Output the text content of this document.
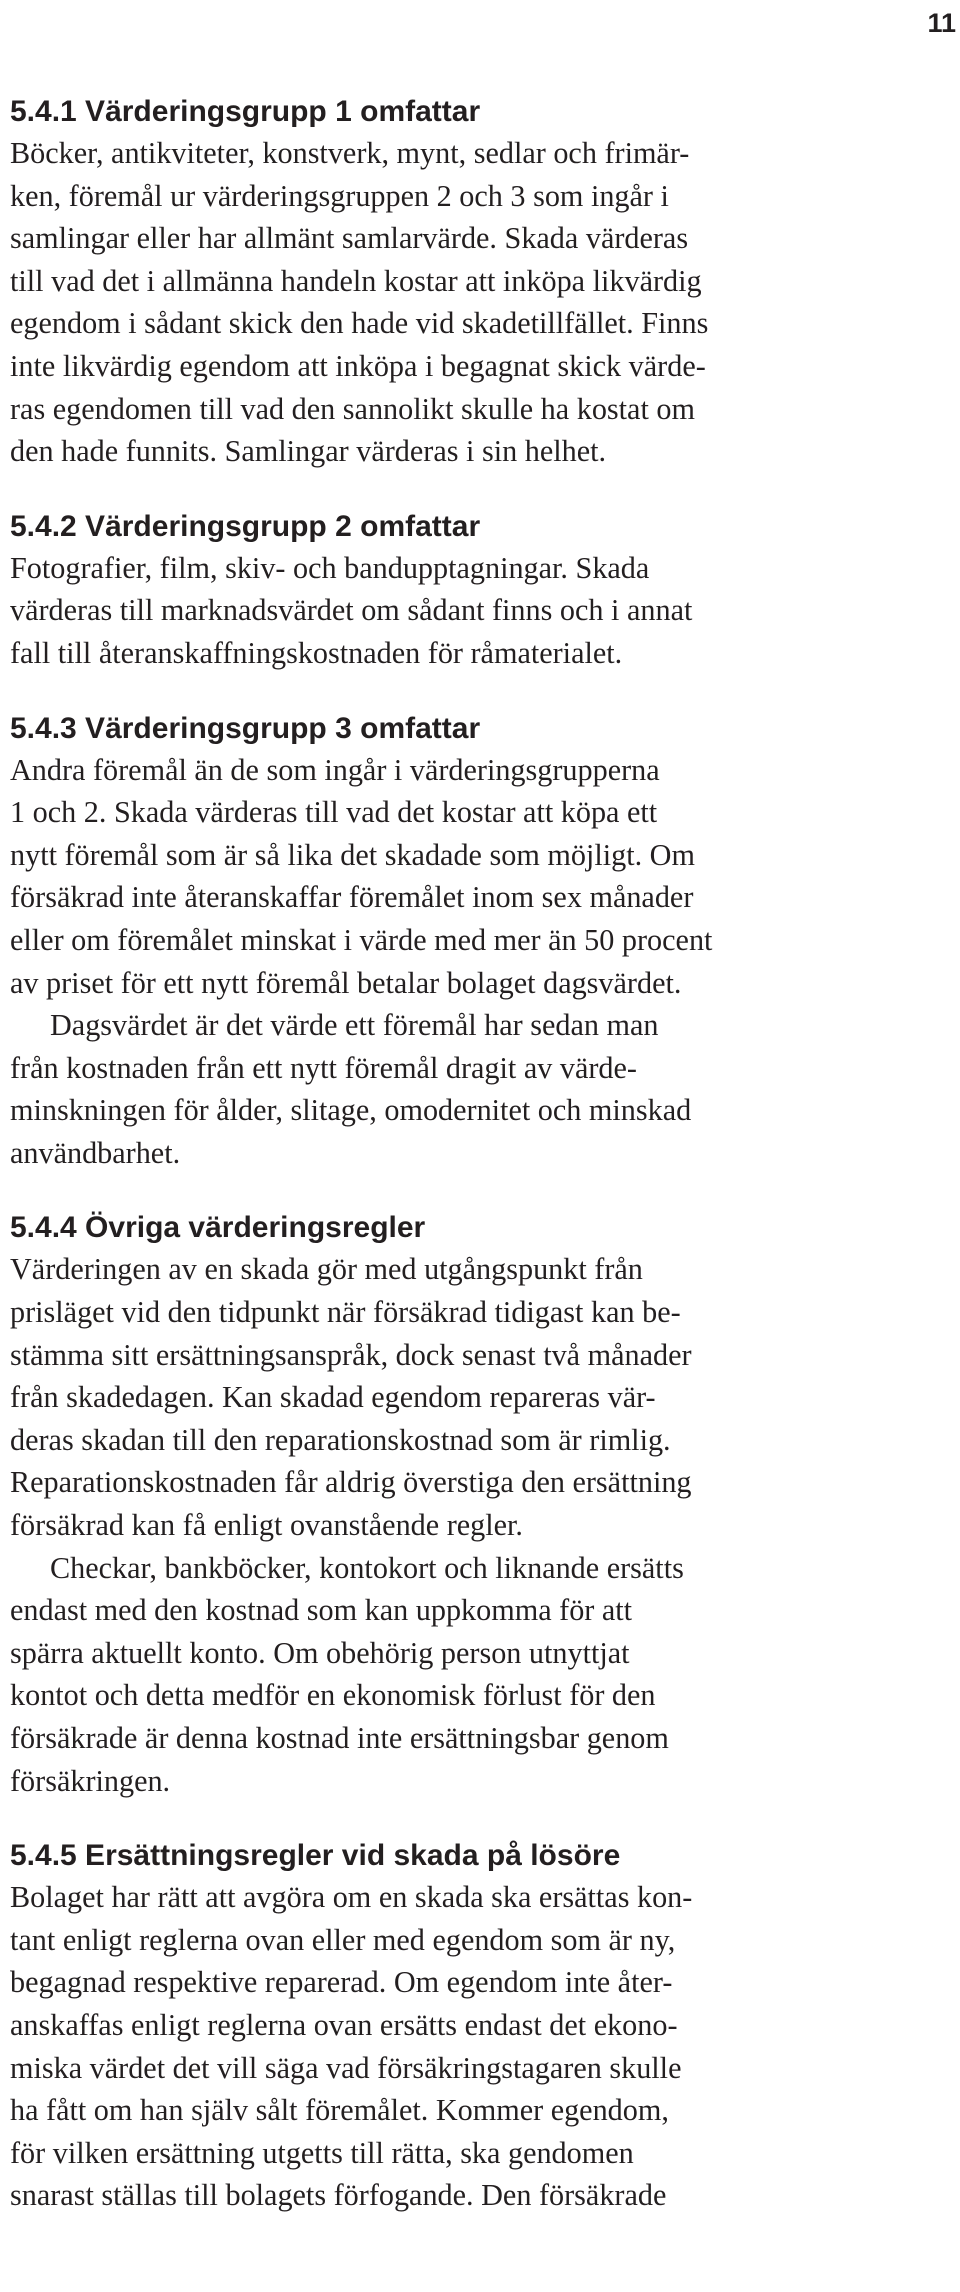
11
5.4.1 Värderingsgrupp 1 omfattar
Böcker, antikviteter, konstverk, mynt, sedlar och frimär-
ken, föremål ur värderingsgruppen 2 och 3 som ingår i
samlingar eller har allmänt samlarvärde. Skada värderas
till vad det i allmänna handeln kostar att inköpa likvärdig
egendom i sådant skick den hade vid skadetillfället. Finns
inte likvärdig egendom att inköpa i begagnat skick värde-
ras egendomen till vad den sannolikt skulle ha kostat om
den hade funnits. Samlingar värderas i sin helhet.
5.4.2 Värderingsgrupp 2 omfattar
Fotografier, film, skiv- och bandupptagningar. Skada
värderas till marknadsvärdet om sådant finns och i annat
fall till återanskaffningskostnaden för råmaterialet.
5.4.3 Värderingsgrupp 3 omfattar
Andra föremål än de som ingår i värderingsgrupperna
1 och 2. Skada värderas till vad det kostar att köpa ett
nytt föremål som är så lika det skadade som möjligt. Om
försäkrad inte återanskaffar föremålet inom sex månader
eller om föremålet minskat i värde med mer än 50 procent
av priset för ett nytt föremål betalar bolaget dagsvärdet.
Dagsvärdet är det värde ett föremål har sedan man
från kostnaden från ett nytt föremål dragit av värde-
minskningen för ålder, slitage, omodernitet och minskad
användbarhet.
5.4.4 Övriga värderingsregler
Värderingen av en skada gör med utgångspunkt från
prisläget vid den tidpunkt när försäkrad tidigast kan be-
stämma sitt ersättningsanspråk, dock senast två månader
från skadedagen. Kan skadad egendom repareras vär-
deras skadan till den reparationskostnad som är rimlig.
Reparationskostnaden får aldrig överstiga den ersättning
försäkrad kan få enligt ovanstående regler.
Checkar, bankböcker, kontokort och liknande ersätts
endast med den kostnad som kan uppkomma för att
spärra aktuellt konto. Om obehörig person utnyttjat
kontot och detta medför en ekonomisk förlust för den
försäkrade är denna kostnad inte ersättningsbar genom
försäkringen.
5.4.5 Ersättningsregler vid skada på lösöre
Bolaget har rätt att avgöra om en skada ska ersättas kon-
tant enligt reglerna ovan eller med egendom som är ny,
begagnad respektive reparerad. Om egendom inte åter-
anskaffas enligt reglerna ovan ersätts endast det ekono-
miska värdet det vill säga vad försäkringstagaren skulle
ha fått om han själv sålt föremålet. Kommer egendom,
för vilken ersättning utgetts till rätta, ska gendomen
snarast ställas till bolagets förfogande. Den försäkrade
